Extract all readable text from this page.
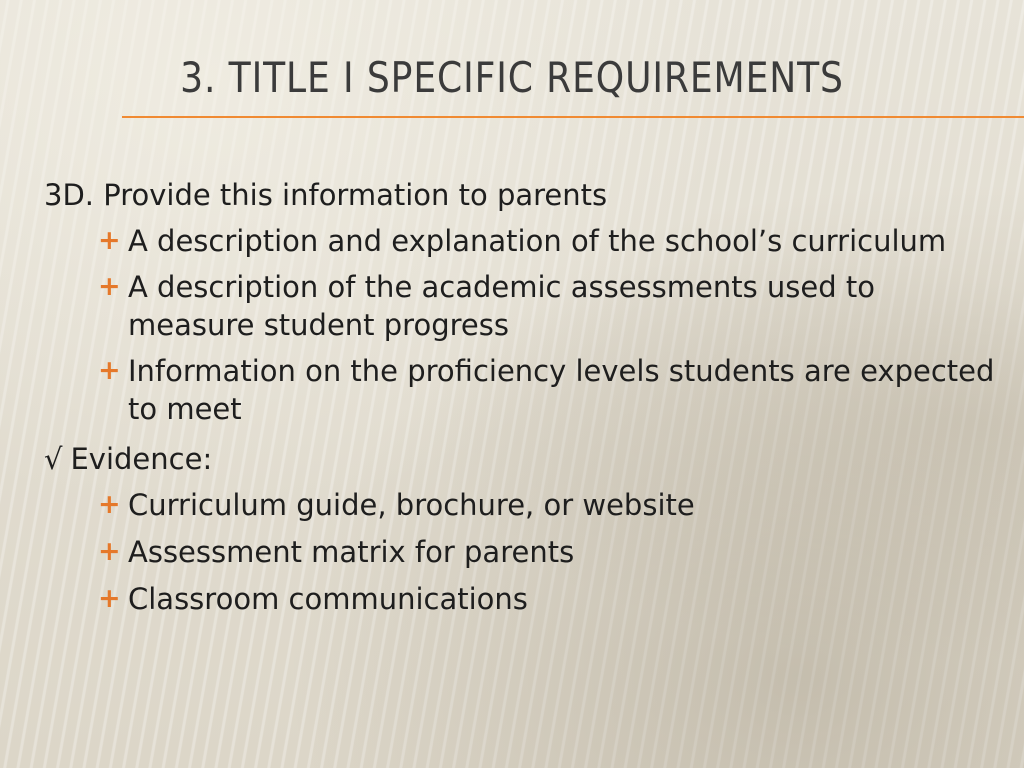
3. TITLE I SPECIFIC REQUIREMENTS
3D. Provide this information to parents
+ A description and explanation of the school’s curriculum
+ A description of the academic assessments used to measure student progress
+ Information on the proficiency levels students are expected to meet
√ Evidence:
+ Curriculum guide, brochure, or website
+ Assessment matrix for parents
+ Classroom communications
